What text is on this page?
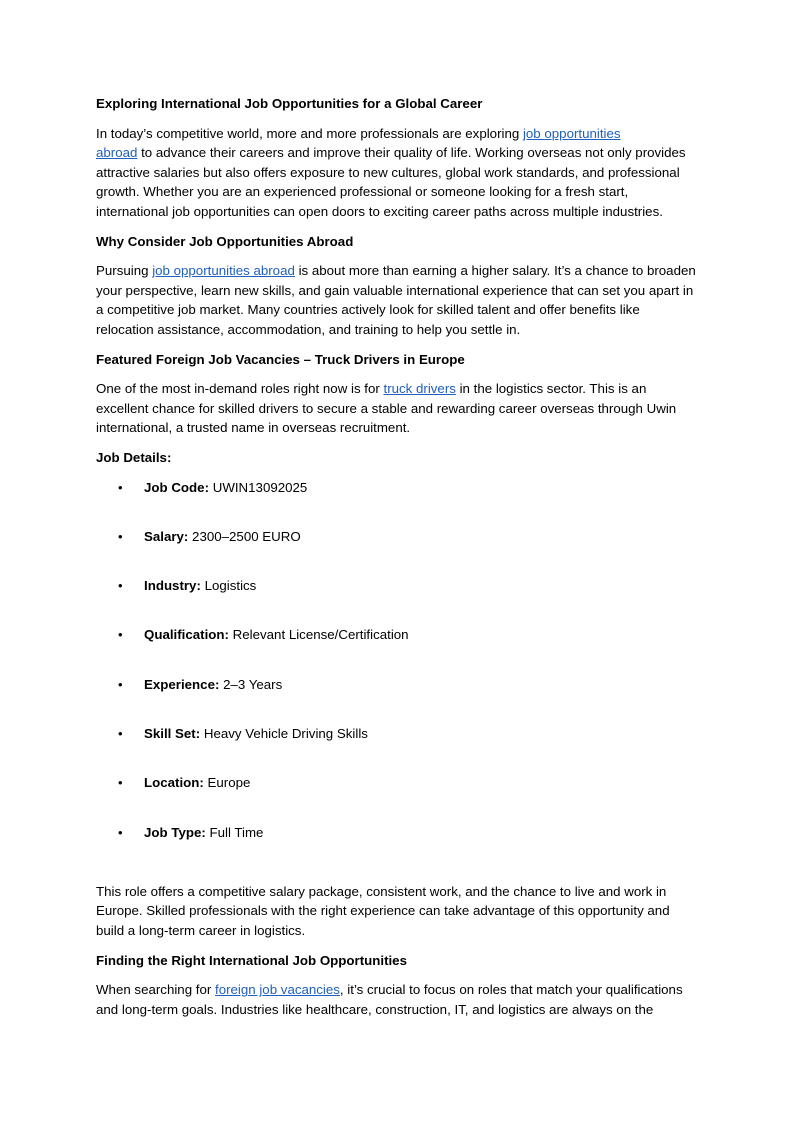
Exploring International Job Opportunities for a Global Career

In today’s competitive world, more and more professionals are exploring job opportunities
abroad to advance their careers and improve their quality of life. Working overseas not only provides attractive salaries but also offers exposure to new cultures, global work standards, and professional growth. Whether you are an experienced professional or someone looking for a fresh start, international job opportunities can open doors to exciting career paths across multiple industries.

Why Consider Job Opportunities Abroad

Pursuing job opportunities abroad is about more than earning a higher salary. It’s a chance to broaden your perspective, learn new skills, and gain valuable international experience that can set you apart in a competitive job market. Many countries actively look for skilled talent and offer benefits like relocation assistance, accommodation, and training to help you settle in.

Featured Foreign Job Vacancies – Truck Drivers in Europe

One of the most in-demand roles right now is for truck drivers in the logistics sector. This is an excellent chance for skilled drivers to secure a stable and rewarding career overseas through Uwin international, a trusted name in overseas recruitment.

Job Details:

• Job Code: UWIN13092025
• Salary: 2300–2500 EURO
• Industry: Logistics
• Qualification: Relevant License/Certification
• Experience: 2–3 Years
• Skill Set: Heavy Vehicle Driving Skills
• Location: Europe
• Job Type: Full Time

This role offers a competitive salary package, consistent work, and the chance to live and work in Europe. Skilled professionals with the right experience can take advantage of this opportunity and build a long-term career in logistics.

Finding the Right International Job Opportunities

When searching for foreign job vacancies, it’s crucial to focus on roles that match your qualifications and long-term goals. Industries like healthcare, construction, IT, and logistics are always on the
